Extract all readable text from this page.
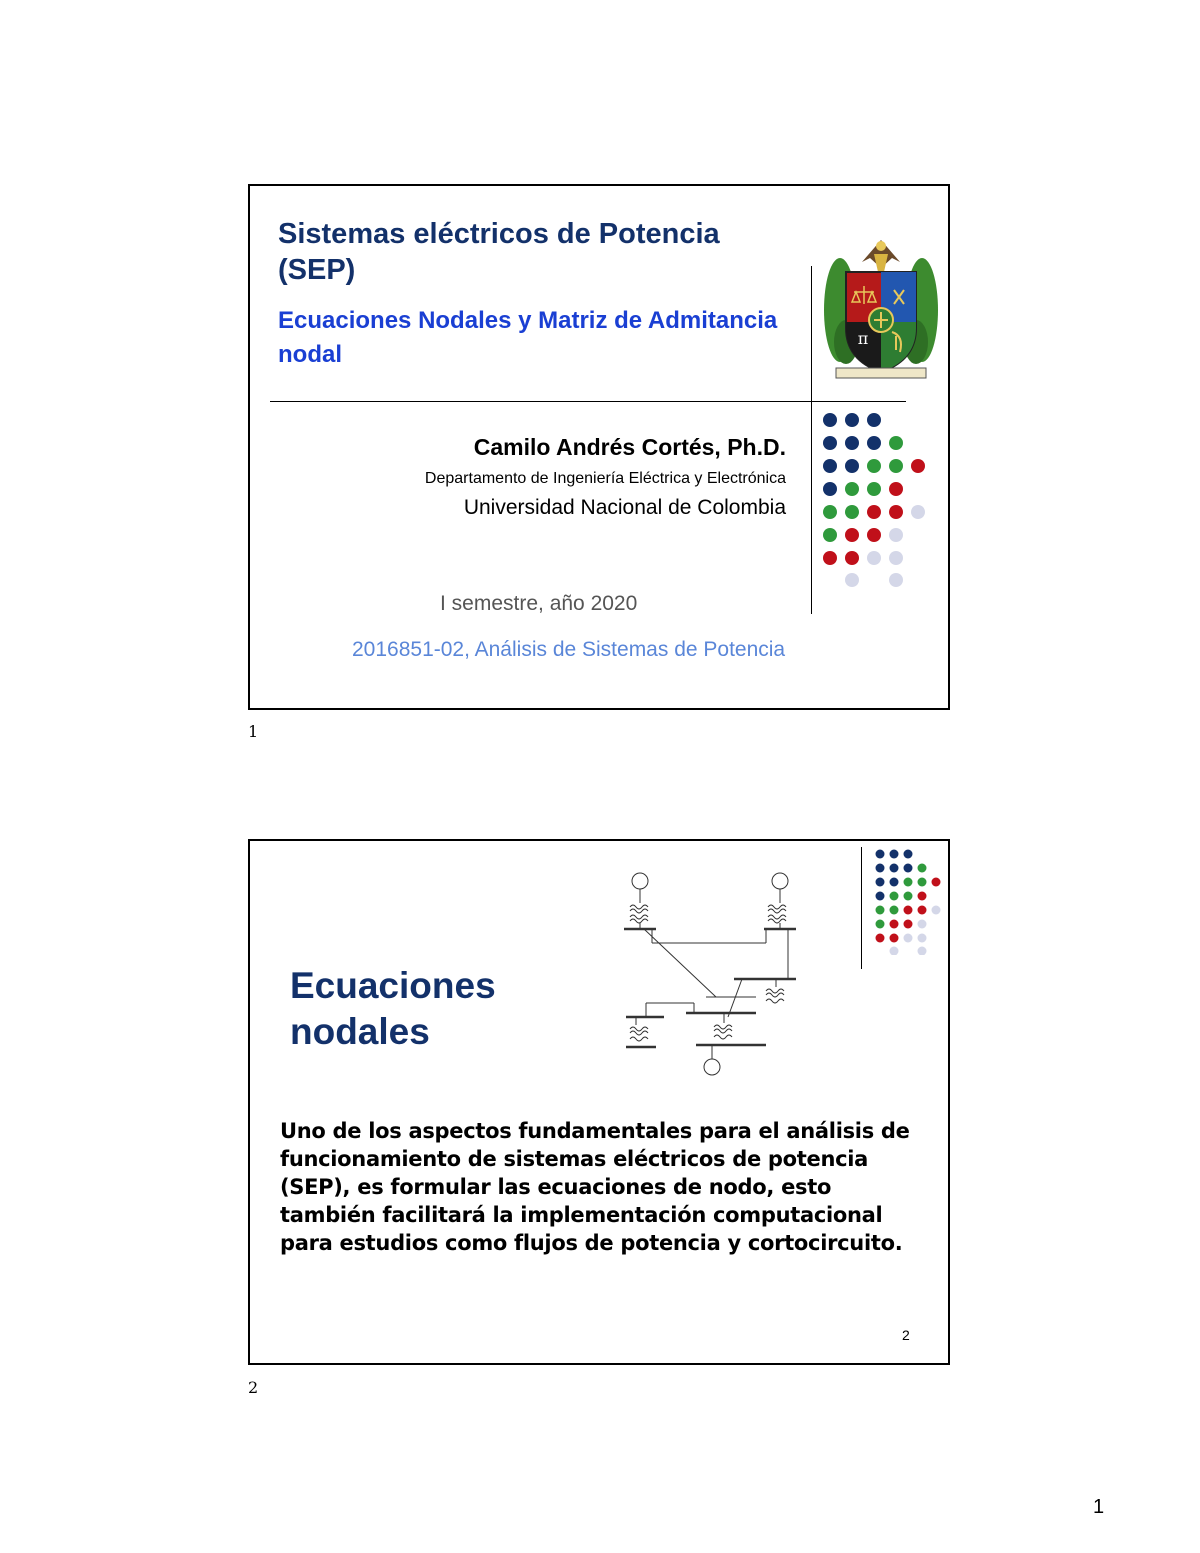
Sistemas eléctricos de Potencia (SEP)
Ecuaciones Nodales y Matriz de Admitancia nodal
π
Camilo Andrés Cortés, Ph.D.
Departamento de Ingeniería Eléctrica y Electrónica
Universidad Nacional de Colombia
I semestre, año 2020
2016851-02, Análisis de Sistemas de Potencia
1
Ecuaciones nodales
Uno de los aspectos fundamentales para el análisis de funcionamiento de sistemas eléctricos de potencia (SEP), es formular las ecuaciones de nodo, esto también facilitará la implementación computacional para estudios como flujos de potencia y cortocircuito.
2
2
1
